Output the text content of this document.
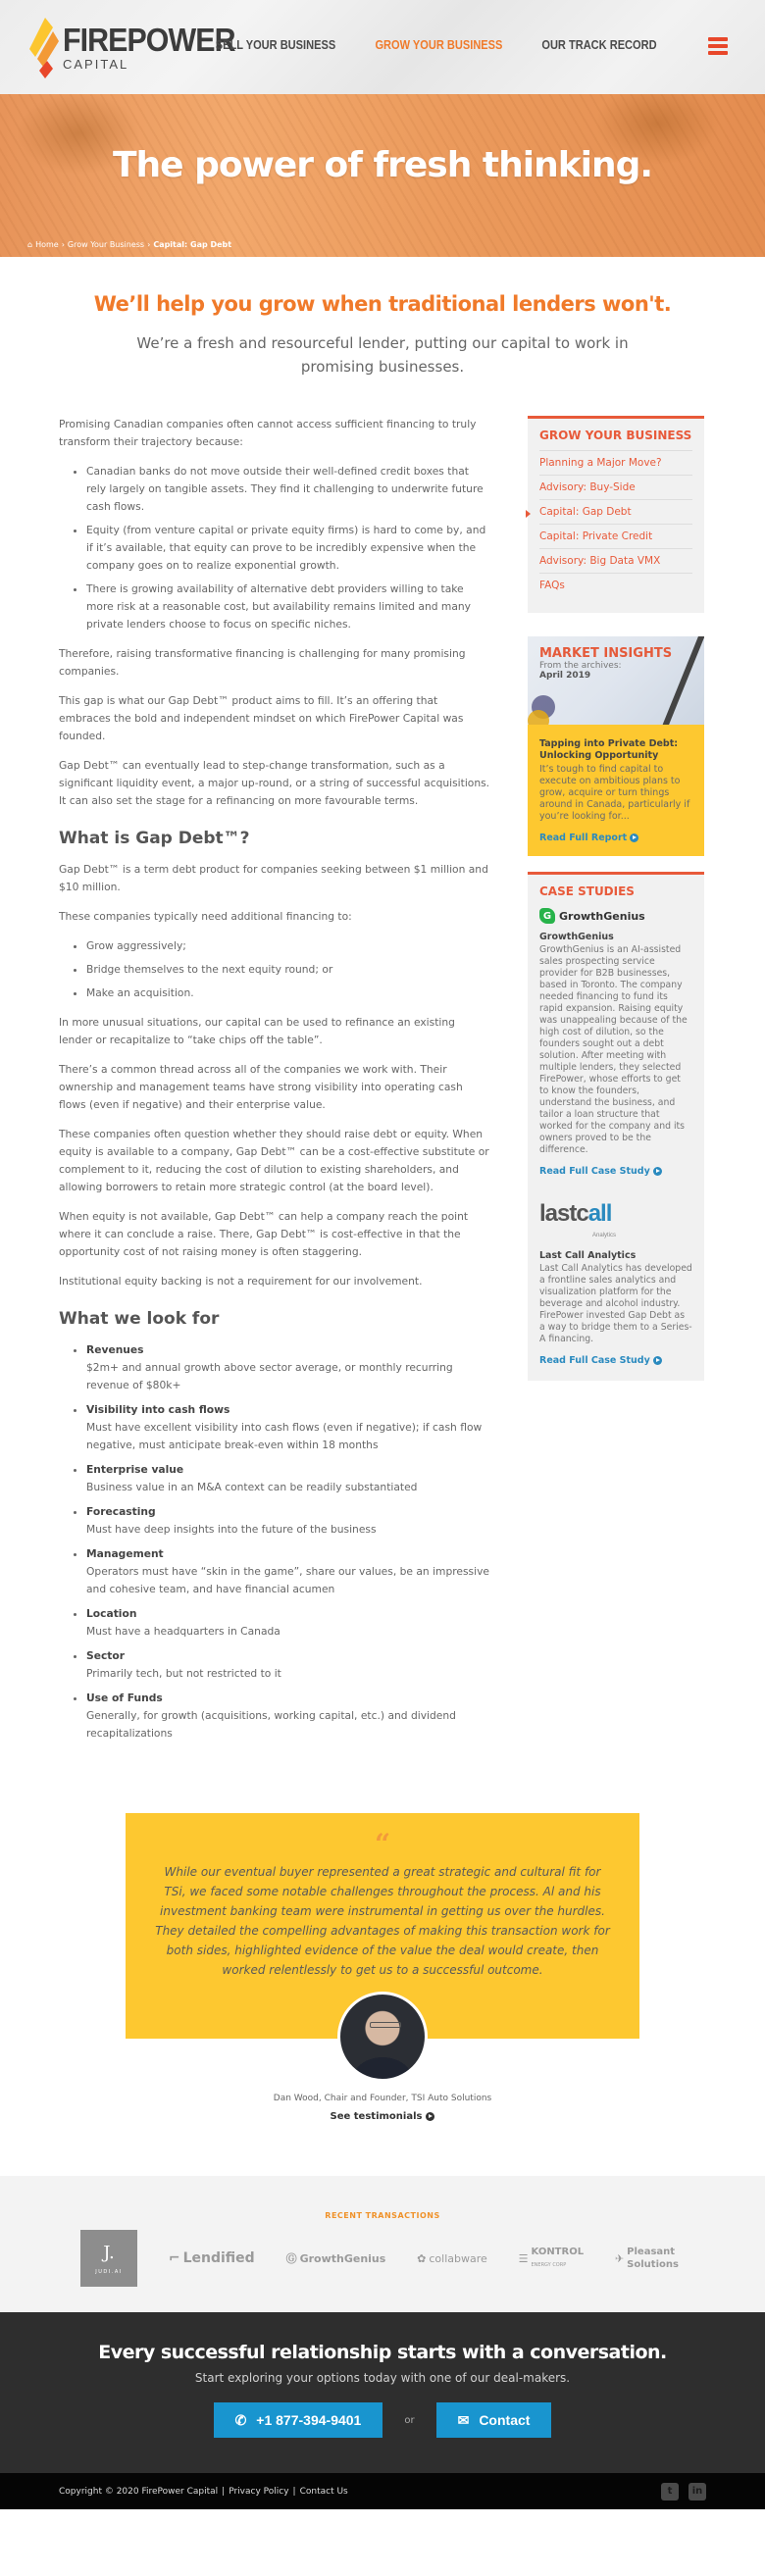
FIREPOWER
CAPITAL
SELL YOUR BUSINESS	GROW YOUR BUSINESS	OUR TRACK RECORD
The power of fresh thinking.
⌂ Home › Grow Your Business › Capital: Gap Debt
We’ll help you grow when traditional lenders won't.

We’re a fresh and resourceful lender, putting our capital to work in promising businesses.

Promising Canadian companies often cannot access sufficient financing to truly transform their trajectory because:

• Canadian banks do not move outside their well-defined credit boxes that rely largely on tangible assets. They find it challenging to underwrite future cash flows.
• Equity (from venture capital or private equity firms) is hard to come by, and if it’s available, that equity can prove to be incredibly expensive when the company goes on to realize exponential growth.
• There is growing availability of alternative debt providers willing to take more risk at a reasonable cost, but availability remains limited and many private lenders choose to focus on specific niches.

Therefore, raising transformative financing is challenging for many promising companies.

This gap is what our Gap Debt™ product aims to fill. It’s an offering that embraces the bold and independent mindset on which FirePower Capital was founded.

Gap Debt™ can eventually lead to step-change transformation, such as a significant liquidity event, a major up-round, or a string of successful acquisitions. It can also set the stage for a refinancing on more favourable terms.

What is Gap Debt™?

Gap Debt™ is a term debt product for companies seeking between $1 million and $10 million.

These companies typically need additional financing to:

• Grow aggressively;
• Bridge themselves to the next equity round; or
• Make an acquisition.

In more unusual situations, our capital can be used to refinance an existing lender or recapitalize to “take chips off the table”.

There’s a common thread across all of the companies we work with. Their ownership and management teams have strong visibility into operating cash flows (even if negative) and their enterprise value.

These companies often question whether they should raise debt or equity. When equity is available to a company, Gap Debt™ can be a cost-effective substitute or complement to it, reducing the cost of dilution to existing shareholders, and allowing borrowers to retain more strategic control (at the board level).

When equity is not available, Gap Debt™ can help a company reach the point where it can conclude a raise. There, Gap Debt™ is cost-effective in that the opportunity cost of not raising money is often staggering.

Institutional equity backing is not a requirement for our involvement.

What we look for
• Revenues
$2m+ and annual growth above sector average, or monthly recurring revenue of $80k+
• Visibility into cash flows
Must have excellent visibility into cash flows (even if negative); if cash flow negative, must anticipate break-even within 18 months
• Enterprise value
Business value in an M&A context can be readily substantiated
• Forecasting
Must have deep insights into the future of the business
• Management
Operators must have “skin in the game”, share our values, be an impressive and cohesive team, and have financial acumen
• Location
Must have a headquarters in Canada
• Sector
Primarily tech, but not restricted to it
• Use of Funds
Generally, for growth (acquisitions, working capital, etc.) and dividend recapitalizations
GROW YOUR BUSINESS
Planning a Major Move?
Advisory: Buy-Side
Capital: Gap Debt
Capital: Private Credit
Advisory: Big Data VMX
FAQs
MARKET INSIGHTS
From the archives:
April 2019
Tapping into Private Debt: Unlocking Opportunity

It’s tough to find capital to execute on ambitious plans to grow, acquire or turn things around in Canada, particularly if you’re looking for...

Read Full Report
CASE STUDIES
G GrowthGenius
GrowthGenius

GrowthGenius is an AI-assisted sales prospecting service provider for B2B businesses, based in Toronto. The company needed financing to fund its rapid expansion. Raising equity was unappealing because of the high cost of dilution, so the founders sought out a debt solution. After meeting with multiple lenders, they selected FirePower, whose efforts to get to know the founders, understand the business, and tailor a loan structure that worked for the company and its owners proved to be the difference.

Read Full Case Study
lastcall
Analytics
Last Call Analytics

Last Call Analytics has developed a frontline sales analytics and visualization platform for the beverage and alcohol industry. FirePower invested Gap Debt as a way to bridge them to a Series-A financing.

Read Full Case Study
“

While our eventual buyer represented a great strategic and cultural fit for TSi, we faced some notable challenges throughout the process. Al and his investment banking team were instrumental in getting us over the hurdles. They detailed the compelling advantages of making this transaction work for both sides, highlighted evidence of the value the deal would create, then worked relentlessly to get us to a successful outcome.

Dan Wood, Chair and Founder, TSI Auto Solutions
See testimonials
RECENT TRANSACTIONS
J.
JUDI.AI
⌐ Lendified	Ⓖ GrowthGenius	✿ collabware	☰
KONTROL
ENERGY CORP	✈
Pleasant
Solutions
Every successful relationship starts with a conversation.

Start exploring your options today with one of our deal-makers.

✆ +1 877-394-9401	or	✉ Contact
Copyright © 2020 FirePower Capital | Privacy Policy | Contact Us	t	in
